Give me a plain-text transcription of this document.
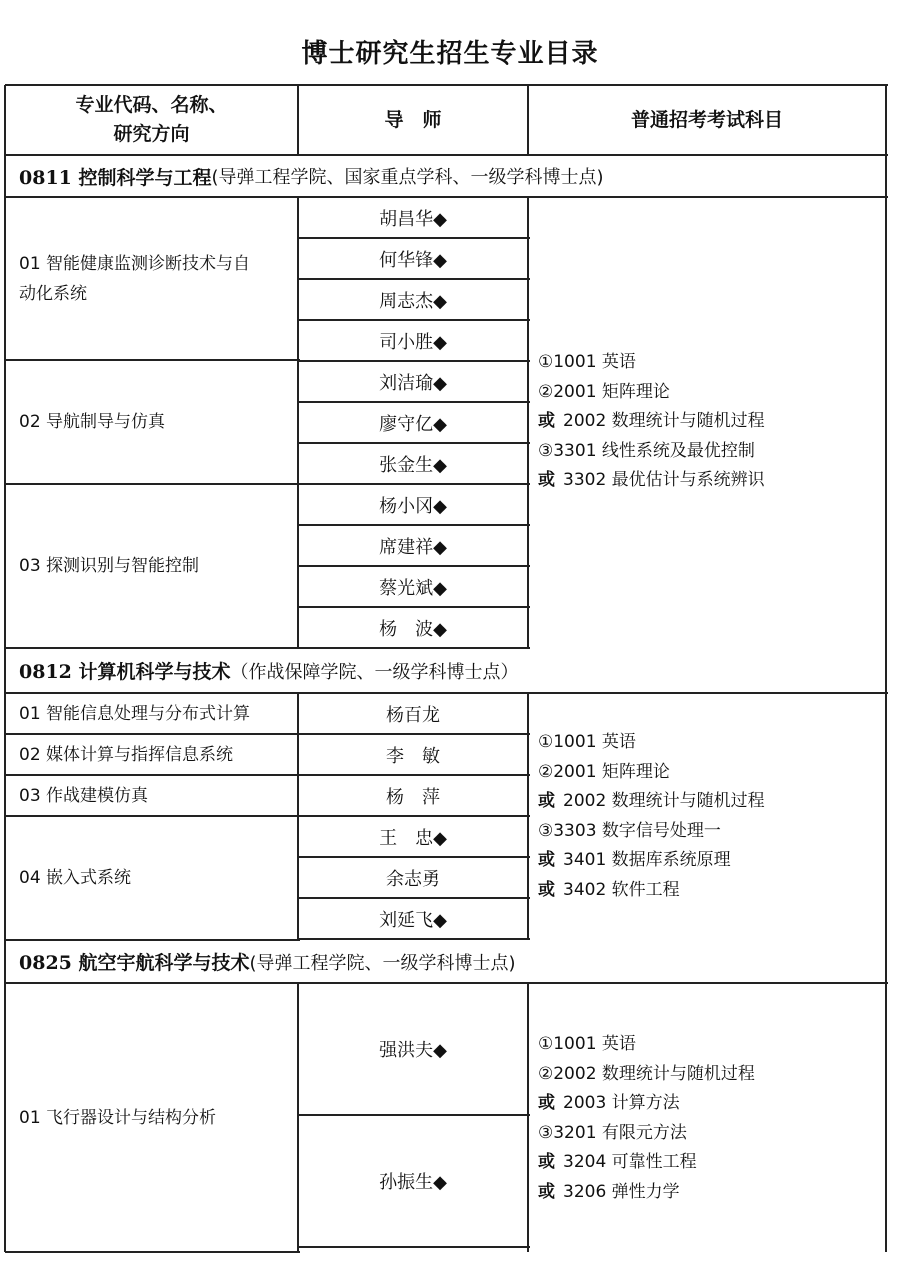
博士研究生招生专业目录
专业代码、名称、
研究方向
导　师	普通招考考试科目
0811 控制科学与工程 (导弹工程学院、国家重点学科、一级学科博士点)
01 智能健康监测诊断技术与自
动化系统
02 导航制导与仿真
03 探测识别与智能控制
胡昌华◆
何华锋◆
周志杰◆
司小胜◆
刘洁瑜◆
廖守亿◆
张金生◆
杨小冈◆
席建祥◆
蔡光斌◆
杨　波◆
①1001 英语
②2001 矩阵理论
或 2002 数理统计与随机过程
③3301 线性系统及最优控制
或 3302 最优估计与系统辨识
0812 计算机科学与技术 （作战保障学院、一级学科博士点）
01 智能信息处理与分布式计算
02 媒体计算与指挥信息系统
03 作战建模仿真
04 嵌入式系统
杨百龙
李　敏
杨　萍
王　忠◆
余志勇
刘延飞◆
①1001 英语
②2001 矩阵理论
或 2002 数理统计与随机过程
③3303 数字信号处理一
或 3401 数据库系统原理
或 3402 软件工程
0825 航空宇航科学与技术 (导弹工程学院、一级学科博士点)
01 飞行器设计与结构分析
强洪夫◆
孙振生◆
①1001 英语
②2002 数理统计与随机过程
或 2003 计算方法
③3201 有限元方法
或 3204 可靠性工程
或 3206 弹性力学
